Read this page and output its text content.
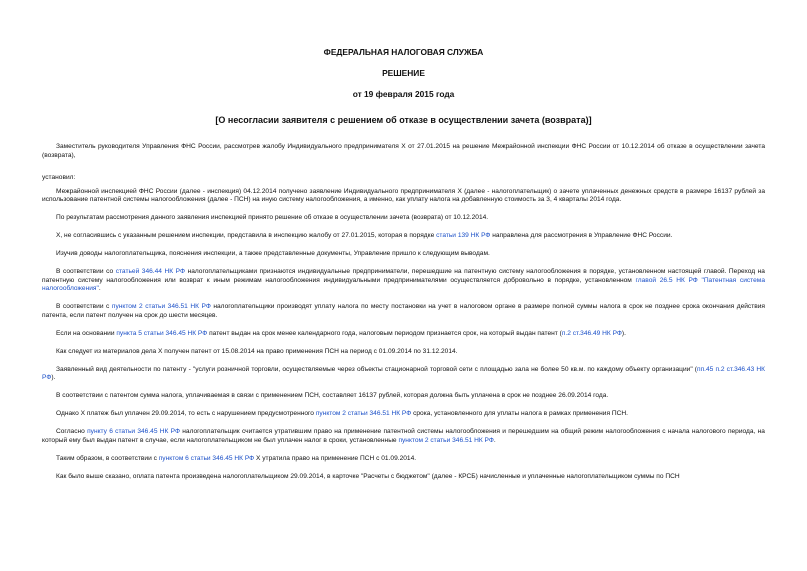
ФЕДЕРАЛЬНАЯ НАЛОГОВАЯ СЛУЖБА
РЕШЕНИЕ
от 19 февраля 2015 года
[О несогласии заявителя с решением об отказе в осуществлении зачета (возврата)]

Заместитель руководителя Управления ФНС России, рассмотрев жалобу Индивидуального предпринимателя Х от 27.01.2015 на решение Межрайонной инспекции ФНС России от 10.12.2014 об отказе в осуществлении зачета (возврата),

установил:

Межрайонной инспекцией ФНС России (далее - инспекция) 04.12.2014 получено заявление Индивидуального предпринимателя Х (далее - налогоплательщик) о зачете уплаченных денежных средств в размере 16137 рублей за использование патентной системы налогообложения (далее - ПСН) на иную систему налогообложения, а именно, как уплату налога на добавленную стоимость за 3, 4 кварталы 2014 года.

По результатам рассмотрения данного заявления инспекцией принято решение об отказе в осуществлении зачета (возврата) от 10.12.2014.

Х, не согласившись с указанным решением инспекции, представила в инспекцию жалобу от 27.01.2015, которая в порядке статьи 139 НК РФ направлена для рассмотрения в Управление ФНС России.

Изучив доводы налогоплательщика, пояснения инспекции, а также представленные документы, Управление пришло к следующим выводам.

В соответствии со статьей 346.44 НК РФ налогоплательщиками признаются индивидуальные предприниматели, перешедшие на патентную систему налогообложения в порядке, установленном настоящей главой. Переход на патентную систему налогообложения или возврат к иным режимам налогообложения индивидуальными предпринимателями осуществляется добровольно в порядке, установленном главой 26.5 НК РФ "Патентная система налогообложения".

В соответствии с пунктом 2 статьи 346.51 НК РФ налогоплательщики производят уплату налога по месту постановки на учет в налоговом органе в размере полной суммы налога в срок не позднее срока окончания действия патента, если патент получен на срок до шести месяцев.

Если на основании пункта 5 статьи 346.45 НК РФ патент выдан на срок менее календарного года, налоговым периодом признается срок, на который выдан патент (п.2 ст.346.49 НК РФ).

Как следует из материалов дела Х получен патент от 15.08.2014 на право применения ПСН на период с 01.09.2014 по 31.12.2014.

Заявленный вид деятельности по патенту - "услуги розничной торговли, осуществляемые через объекты стационарной торговой сети с площадью зала не более 50 кв.м. по каждому объекту организации" (пп.45 п.2 ст.346.43 НК РФ).

В соответствии с патентом сумма налога, уплачиваемая в связи с применением ПСН, составляет 16137 рублей, которая должна быть уплачена в срок не позднее 26.09.2014 года.

Однако Х платеж был уплачен 29.09.2014, то есть с нарушением предусмотренного пунктом 2 статьи 346.51 НК РФ срока, установленного для уплаты налога в рамках применения ПСН.

Согласно пункту 6 статьи 346.45 НК РФ налогоплательщик считается утратившим право на применение патентной системы налогообложения и перешедшим на общий режим налогообложения с начала налогового периода, на который ему был выдан патент в случае, если налогоплательщиком не был уплачен налог в сроки, установленные пунктом 2 статьи 346.51 НК РФ.

Таким образом, в соответствии с пунктом 6 статьи 346.45 НК РФ Х утратила право на применение ПСН с 01.09.2014.

Как было выше сказано, оплата патента произведена налогоплательщиком 29.09.2014, в карточке "Расчеты с бюджетом" (далее - КРСБ) начисленные и уплаченные налогоплательщиком суммы по ПСН
